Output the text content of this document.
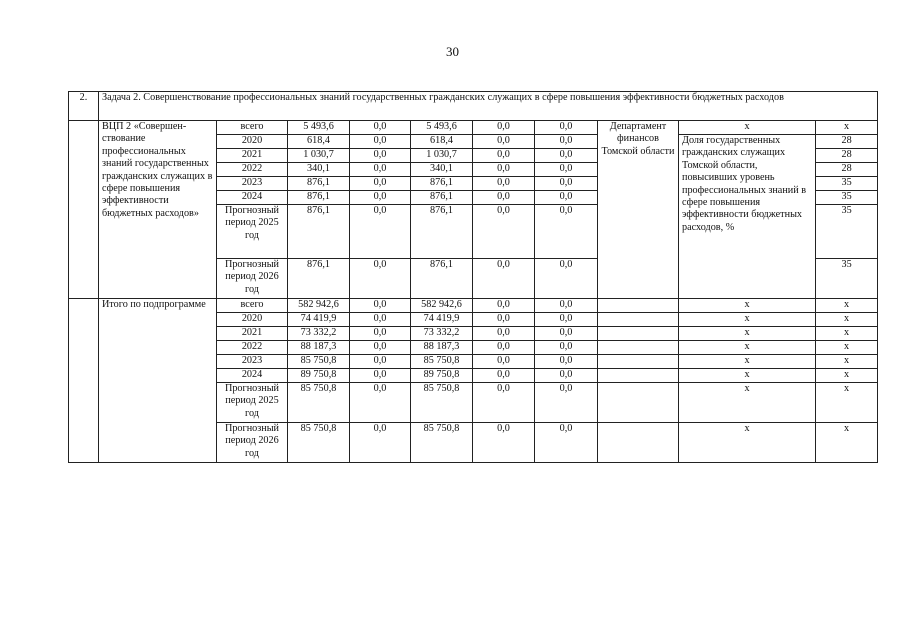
30
2.	Задача 2. Совершенствование профессиональных знаний государственных гражданских служащих в сфере повышения эффективности бюджетных расходов									
	ВЦП 2 «Совершен-ствование профессиональных знаний государственных гражданских служащих в сфере повышения эффективности бюджетных расходов»	всего	5 493,6	0,0	5 493,6	0,0	0,0	Департамент финансов Томской области	x	x
		2020	618,4	0,0	618,4	0,0	0,0		Доля государственных гражданских служащих Томской области, повысивших уровень профессиональных знаний в сфере повышения эффективности бюджетных расходов, %	28
		2021	1 030,7	0,0	1 030,7	0,0	0,0			28
		2022	340,1	0,0	340,1	0,0	0,0			28
		2023	876,1	0,0	876,1	0,0	0,0			35
		2024	876,1	0,0	876,1	0,0	0,0			35
		Прогнозный период 2025 год	876,1	0,0	876,1	0,0	0,0			35
		Прогнозный период 2026 год	876,1	0,0	876,1	0,0	0,0			35
	Итого по подпрограмме	всего	582 942,6	0,0	582 942,6	0,0	0,0		x	x
		2020	74 419,9	0,0	74 419,9	0,0	0,0		x	x
		2021	73 332,2	0,0	73 332,2	0,0	0,0		x	x
		2022	88 187,3	0,0	88 187,3	0,0	0,0		x	x
		2023	85 750,8	0,0	85 750,8	0,0	0,0		x	x
		2024	89 750,8	0,0	89 750,8	0,0	0,0		x	x
		Прогнозный период 2025 год	85 750,8	0,0	85 750,8	0,0	0,0		x	x
		Прогнозный период 2026 год	85 750,8	0,0	85 750,8	0,0	0,0		x	x
